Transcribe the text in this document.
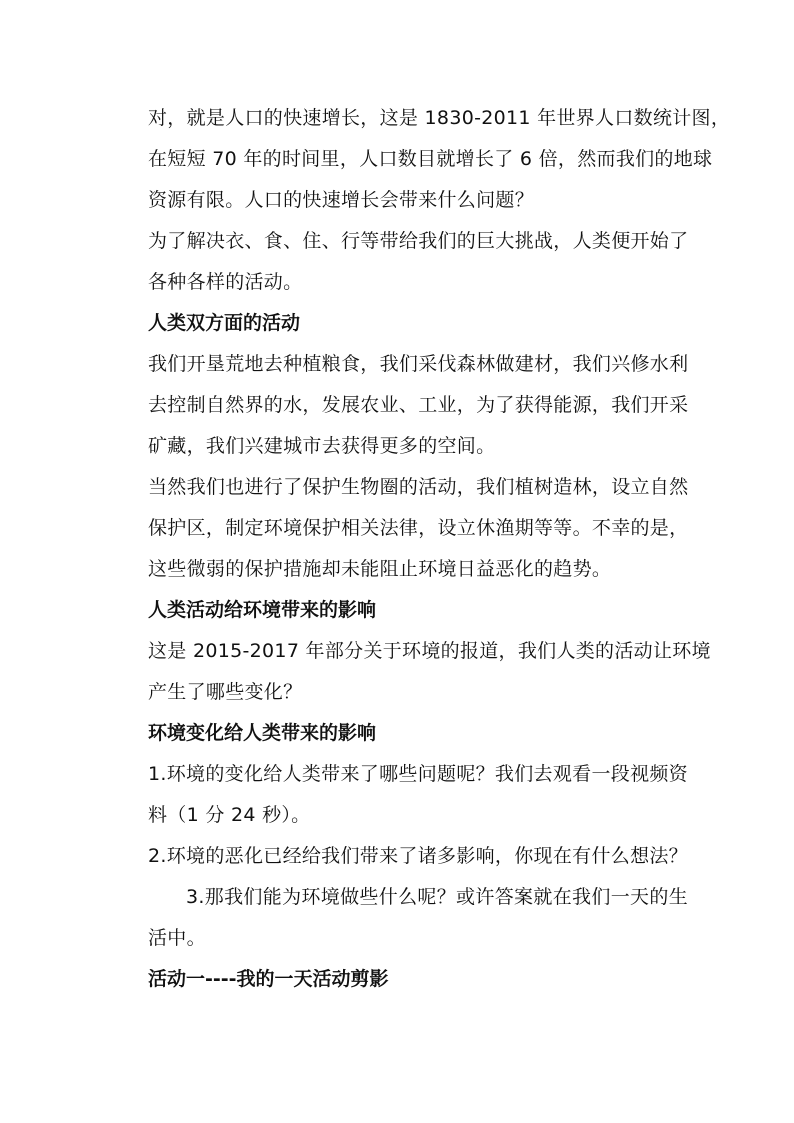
对，就是人口的快速增长，这是 1830-2011 年世界人口数统计图，
在短短 70 年的时间里，人口数目就增长了 6 倍，然而我们的地球
资源有限。人口的快速增长会带来什么问题？
为了解决衣、食、住、行等带给我们的巨大挑战，人类便开始了
各种各样的活动。
人类双方面的活动
我们开垦荒地去种植粮食，我们采伐森林做建材，我们兴修水利
去控制自然界的水，发展农业、工业，为了获得能源，我们开采
矿藏，我们兴建城市去获得更多的空间。
当然我们也进行了保护生物圈的活动，我们植树造林，设立自然
保护区，制定环境保护相关法律，设立休渔期等等。不幸的是，
这些微弱的保护措施却未能阻止环境日益恶化的趋势。
人类活动给环境带来的影响
这是 2015-2017 年部分关于环境的报道，我们人类的活动让环境
产生了哪些变化？
环境变化给人类带来的影响
1.环境的变化给人类带来了哪些问题呢？我们去观看一段视频资
料（1 分 24 秒）。
2.环境的恶化已经给我们带来了诸多影响，你现在有什么想法？
3.那我们能为环境做些什么呢？或许答案就在我们一天的生
活中。
活动一----我的一天活动剪影
